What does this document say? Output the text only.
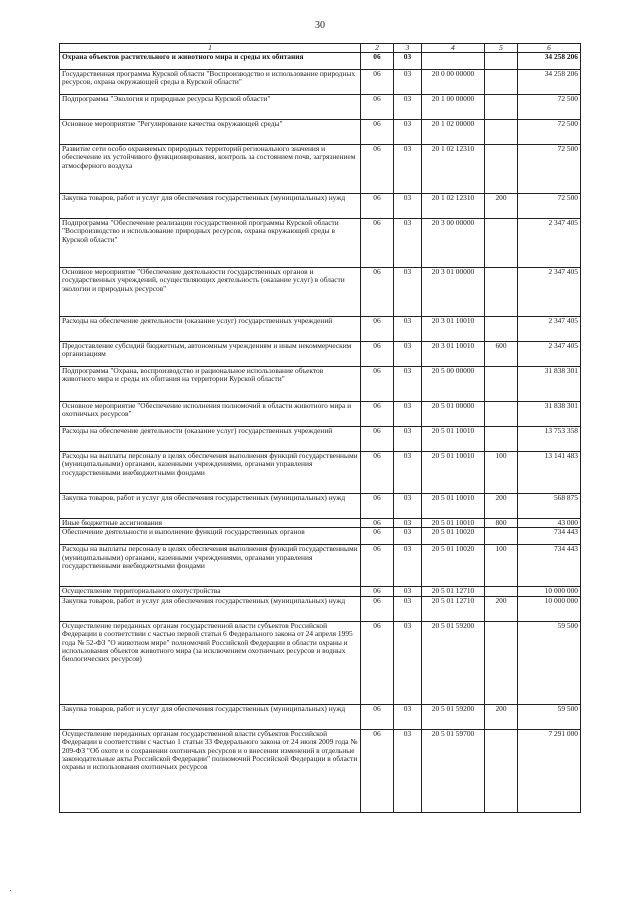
30
1	2	3	4	5	6
Охрана объектов растительного и животного мира и среды их обитания	06	03			34 258 206
Государственная программа Курской области "Воспроизводство и использование природных ресурсов, охрана окружающей среды в Курской области"	06	03	20 0 00 00000		34 258 206
Подпрограмма "Экология и природные ресурсы Курской области"	06	03	20 1 00 00000		72 500
Основное мероприятие "Регулирование качества окружающей среды"	06	03	20 1 02 00000		72 500
Развитие сети особо охраняемых природных территорий регионального значения и обеспечение их устойчивого функционирования, контроль за состоянием почв, загрязнением атмосферного воздуха	06	03	20 1 02 12310		72 500
Закупка товаров, работ и услуг для обеспечения государственных (муниципальных) нужд	06	03	20 1 02 12310	200	72 500
Подпрограмма "Обеспечение реализации государственной программы Курской области "Воспроизводство и использование природных ресурсов, охрана окружающей среды в Курской области"	06	03	20 3 00 00000		2 347 405
Основное мероприятие "Обеспечение деятельности государственных органов и государственных учреждений, осуществляющих деятельность (оказание услуг) в области экологии и природных ресурсов"	06	03	20 3 01 00000		2 347 405
Расходы на обеспечение деятельности (оказание услуг) государственных учреждений	06	03	20 3 01 10010		2 347 405
Предоставление субсидий бюджетным, автономным учреждениям и иным некоммерческим организациям	06	03	20 3 01 10010	600	2 347 405
Подпрограмма "Охрана, воспроизводство и рациональное использование объектов животного мира и среды их обитания на территории Курской области"	06	03	20 5 00 00000		31 838 301
Основное мероприятие "Обеспечение исполнения полномочий в области животного мира и охотничьих ресурсов"	06	03	20 5 01 00000		31 838 301
Расходы на обеспечение деятельности (оказание услуг) государственных учреждений	06	03	20 5 01 10010		13 753 358
Расходы на выплаты персоналу в целях обеспечения выполнения функций государственными (муниципальными) органами, казенными учреждениями, органами управления государственными внебюджетными фондами	06	03	20 5 01 10010	100	13 141 483
Закупка товаров, работ и услуг для обеспечения государственных (муниципальных) нужд	06	03	20 5 01 10010	200	568 875
Иные бюджетные ассигнования	06	03	20 5 01 10010	800	43 000
Обеспечение деятельности и выполнение функций государственных органов	06	03	20 5 01 10020		734 443
Расходы на выплаты персоналу в целях обеспечения выполнения функций государственными (муниципальными) органами, казенными учреждениями, органами управления государственными внебюджетными фондами	06	03	20 5 01 10020	100	734 443
Осуществление территориального охотустройства	06	03	20 5 01 12710		10 000 000
Закупка товаров, работ и услуг для обеспечения государственных (муниципальных) нужд	06	03	20 5 01 12710	200	10 000 000
Осуществление переданных органам государственной власти субъектов Российской Федерации в соответствии с частью первой статьи 6 Федерального закона от 24 апреля 1995 года № 52-ФЗ "О животном мире" полномочий Российской Федерации в области охраны и использования объектов животного мира (за исключением охотничьих ресурсов и водных биологических ресурсов)	06	03	20 5 01 59200		59 500
Закупка товаров, работ и услуг для обеспечения государственных (муниципальных) нужд	06	03	20 5 01 59200	200	59 500
Осуществление переданных органам государственной власти субъектов Российской Федерации в соответствии с частью 1 статьи 33 Федерального закона от 24 июля 2009 года № 209-ФЗ "Об охоте и о сохранении охотничьих ресурсов и о внесении изменений в отдельные законодательные акты Российской Федерации" полномочий Российской Федерации в области охраны и использования охотничьих ресурсов	06	03	20 5 01 59700		7 291 000
